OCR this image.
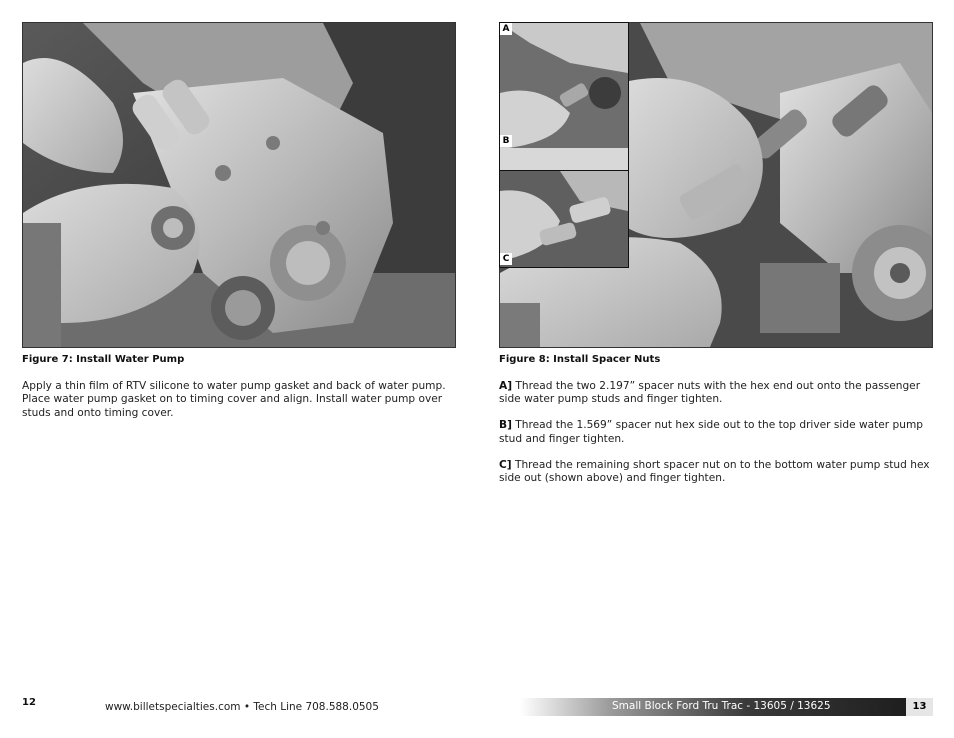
Figure 7: Install Water Pump

Apply a thin film of RTV silicone to water pump gasket and back of water pump. Place water pump gasket on to timing cover and align. Install water pump over studs and onto timing cover.

A
B
C
Figure 8: Install Spacer Nuts

A] Thread the two 2.197” spacer nuts with the hex end out onto the passenger side water pump studs and finger tighten.

B] Thread the 1.569” spacer nut hex side out to the top driver side water pump stud and finger tighten.

C] Thread the remaining short spacer nut on to the bottom water pump stud hex side out (shown above) and finger tighten.

12	www.billetspecialties.com • Tech Line 708.588.0505	Small Block Ford Tru Trac - 13605 / 13625	13
